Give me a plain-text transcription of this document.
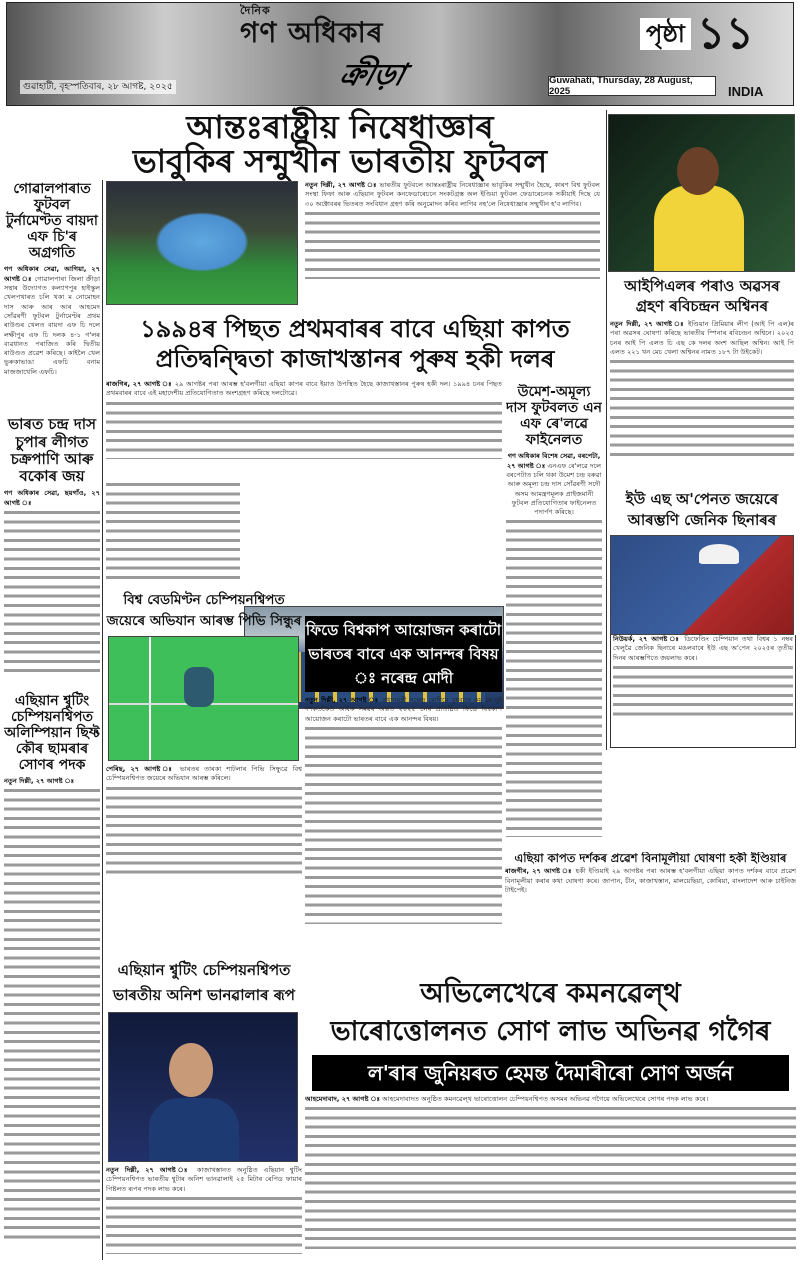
দৈনিক
গণ অধিকাৰ
ক্ৰীড়া
গুৱাহাটী, বৃহস্পতিবাৰ, ২৮ আগষ্ট, ২০২৫
Guwahati, Thursday, 28 August, 2025
পৃষ্ঠা ১১
INDIA
আন্তঃৰাষ্ট্ৰীয় নিষেধাজ্ঞাৰ
ভাবুকিৰ সন্মুখীন ভাৰতীয় ফুটবল
গোৱালপাৰাত ফুটবল টুৰ্নামেণ্টত বায়দা এফ চি'ৰ অগ্ৰগতি
গণ অধিকাৰ সেৱা, আগিয়া, ২৭ আগষ্ট ঃ গোৱালপাৰা জিলা ক্ৰীড়া সন্থাৰ উদ্যোগত কল্যাণপুৰ হাইস্কুল খেলপথাৰত চলি থকা ম নোমোহন দাস আৰু আৰ আৰ আহমেদ সোঁৱৰণী ফুটবল টুৰ্নামেণ্টৰ প্ৰথম ৰাউণ্ডৰ খেলত বায়দা এফ চি দলে লক্ষীপুৰ এফ চি দলক ৪-১ গ'লৰ ব্যৱধানত পৰাজিত কৰি দ্বিতীয় ৰাউণ্ডত প্ৰৱেশ কৰিছে। কাইলৈ খেল ভুৰুকাভাঙা এফচি বনাম মাজজাখেলি এফচি।
ভাৰত চন্দ্ৰ দাস চুপাৰ লীগত চক্ৰপাণি আৰু বকোৰ জয়
গণ অধিকাৰ সেৱা, ছয়গাঁও, ২৭ আগষ্ট ঃ
এছিয়ান শ্বুটিং চেম্পিয়নশ্বিপত অলিম্পিয়ান ছিফ্ট কৌৰ ছামৰাৰ সোণৰ পদক
নতুন দিল্লী, ২৭ আগষ্ট ঃ
নতুন দিল্লী, ২৭ আগষ্ট ঃ ভাৰতীয় ফুটবলে আন্তঃৰাষ্ট্ৰীয় নিষেধাজ্ঞাৰ ভাবুকিৰ সন্মুখীন হৈছে, কাৰণ বিশ্ব ফুটবল সংস্থা ফিফা আৰু এছিয়ান ফুটবল কনফেডাৰেচনে সংকটগ্ৰস্ত অল ইণ্ডিয়া ফুটবল ফেডাৰেচনক সকীয়াই দিছে যে ৩০ অক্টোবৰৰ ভিতৰত সংবিধান গ্ৰহণ কৰি অনুমোদন কৰিব লাগিব নহ'লে নিষেধাজ্ঞাৰ সন্মুখীন হ'ব লাগিব।
১৯৯৪ৰ পিছত প্ৰথমবাৰৰ বাবে এছিয়া কাপত
প্ৰতিদ্বন্দ্বিতা কাজাখস্তানৰ পুৰুষ হকী দলৰ
ৰাজগিৰ, ২৭ আগষ্ট ঃ ২৯ আগষ্টৰ পৰা আৰম্ভ হ'বলগীয়া এছিয়া কাপৰ বাবে ইয়াত উপস্থিত হৈছে কাজাখস্তানৰ পুৰুষ হকী দল। ১৯৯৪ চনৰ পিছত প্ৰথমবাৰৰ বাবে এই মহাদেশীয় প্ৰতিযোগিতাত অংশগ্ৰহণ কৰিছে দলটোৱে।	উমেশ-অমূল্য দাস ফুটবলত এন এফ ৰে'লৱে ফাইনেলত
গণ অধিকাৰ বিশেষ সেৱা, বৰপেটা, ২৭ আগষ্ট ঃ এনএফ ৰে'লৱে দলে বৰপেটাত চলি থকা উমেশ চন্দ্ৰ বৰুৱা আৰু অমূল্য চন্দ্ৰ দাস সোঁৱৰণী সদৌ অসম আমন্ত্ৰণমূলক প্ৰাইজমানী ফুটবল প্ৰতিযোগিতাৰ ফাইনেলত পদাৰ্পণ কৰিছে।
আইপিএলৰ পৰাও অৱসৰ গ্ৰহণ ৰবিচন্দ্ৰন অশ্বিনৰ
নতুন দিল্লী, ২৭ আগষ্ট ঃ ইণ্ডিয়ান প্ৰিমিয়াৰ লীগ (আই পি এল)ৰ পৰা অৱসৰ ঘোষণা কৰিছে ভাৰতীয় স্পিনাৰ ৰবিচন্দ্ৰন অশ্বিনে। ২০২৫ চনৰ আই পি এলত চি এছ কে দলৰ অংশ আছিল অশ্বিন। আই পি এলত ২২১ খন মেচ খেলা অশ্বিনৰ নামত ১৮৭ টা উইকেট।
ইউ এছ অ'পেনত জয়েৰে আৰম্ভণি জেনিক ছিনাৰৰ
নিউয়ৰ্ক, ২৭ আগষ্ট ঃ ডিফেণ্ডিং চেম্পিয়ান তথা বিশ্বৰ ১ নম্বৰ খেলুৱৈ জেনিক ছিনাৰে মঙলবাৰে ইউ এছ অ'পেন ২০২৫ৰ তৃতীয় দিনৰ আৰম্ভণিতে জয়লাভ কৰে।
বিশ্ব বেডমিণ্টন চেম্পিয়নশ্বিপত জয়েৰে অভিযান আৰম্ভ পিভি সিন্ধুৰ
পেৰিছ, ২৭ আগষ্ট ঃ ভাৰতৰ তাৰকা শাটলাৰ পিভি সিন্ধুৱে বিশ্ব চেম্পিয়নশ্বিপত জয়েৰে অভিযান আৰম্ভ কৰিলে।
ফিডে বিশ্বকাপ আয়োজন কৰাটো ভাৰতৰ বাবে এক আনন্দৰ বিষয় ঃ নৰেন্দ্ৰ মোদী
নতুন দিল্লী, ২৭ আগষ্ট ঃ প্ৰধানমন্ত্ৰী নৰেন্দ্ৰ মোদীয়ে বুধবাৰে কয় যে দুই দশকতকৈও অধিক সময়ৰ অন্তত ২০২৫ চনৰ প্ৰতিষ্ঠিত ফিডে বিশ্বকাপ আয়োজন কৰাটো ভাৰতৰ বাবে এক আনন্দৰ বিষয়।
এছিয়া কাপত দৰ্শকৰ প্ৰৱেশ বিনামূলীয়া ঘোষণা হকী ইণ্ডিয়াৰ
ৰাজগীৰ, ২৭ আগষ্ট ঃ হকী ইণ্ডিয়াই ২৯ আগষ্টৰ পৰা আৰম্ভ হ'বলগীয়া এছিয়া কাপত দৰ্শকৰ বাবে প্ৰৱেশ বিনামূলীয়া কৰাৰ কথা ঘোষণা কৰে। জাপান, চীন, কাজাখস্তান, মালয়েছিয়া, কোৰিয়া, বাংলাদেশ আৰু চাইনিজ টাইপেই।
এছিয়ান শ্বুটিং চেম্পিয়নশ্বিপত ভাৰতীয় অনিশ ভানৱালাৰ ৰূপ
নতুন দিল্লী, ২৭ আগষ্ট ঃ কাজাখস্তানত অনুষ্ঠিত এছিয়ান শ্বুটিং চেম্পিয়নশ্বিপত ভাৰতীয় শ্বুটাৰ অনিশ ভানৱালাই ২৫ মিটাৰ ৰেপিড ফায়াৰ পিষ্টলত ৰূপৰ পদক লাভ কৰে।
অভিলেখেৰে কমনৱেল্থ
ভাৰোত্তোলনত সোণ লাভ অভিনৱ গগৈৰ
ল'ৰাৰ জুনিয়ৰত হেমন্ত দৈমাৰীৰো সোণ অৰ্জন
আহমেদাবাদ, ২৭ আগষ্ট ঃ আহমেদাবাদত অনুষ্ঠিত কমনৱেল্থ ভাৰোত্তোলন চেম্পিয়নশ্বিপত অসমৰ অভিনৱ গগৈয়ে অভিলেখেৰে সোণৰ পদক লাভ কৰে।
